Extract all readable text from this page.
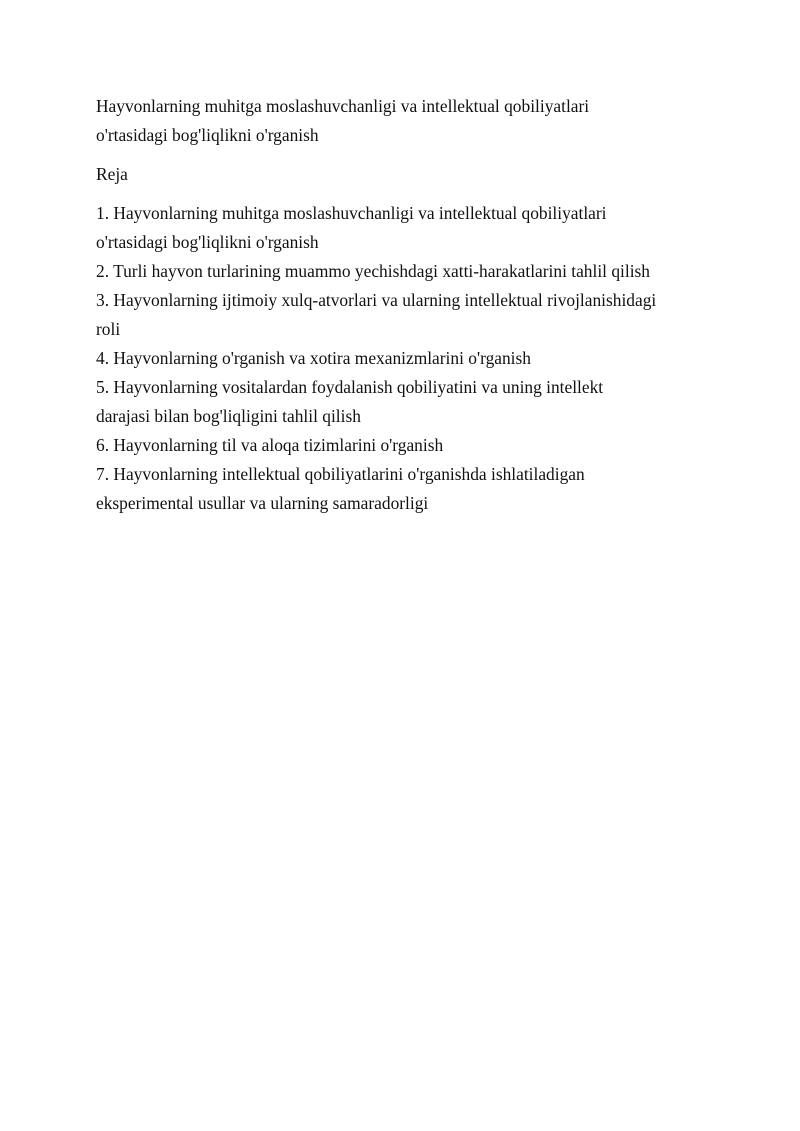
Hayvonlarning muhitga moslashuvchanligi va intellektual qobiliyatlari
o'rtasidagi bog'liqlikni o'rganish
Reja
1. Hayvonlarning muhitga moslashuvchanligi va intellektual qobiliyatlari
o'rtasidagi bog'liqlikni o'rganish
2. Turli hayvon turlarining muammo yechishdagi xatti-harakatlarini tahlil qilish
3. Hayvonlarning ijtimoiy xulq-atvorlari va ularning intellektual rivojlanishidagi
roli
4. Hayvonlarning o'rganish va xotira mexanizmlarini o'rganish
5. Hayvonlarning vositalardan foydalanish qobiliyatini va uning intellekt
darajasi bilan bog'liqligini tahlil qilish
6. Hayvonlarning til va aloqa tizimlarini o'rganish
7. Hayvonlarning intellektual qobiliyatlarini o'rganishda ishlatiladigan
eksperimental usullar va ularning samaradorligi
